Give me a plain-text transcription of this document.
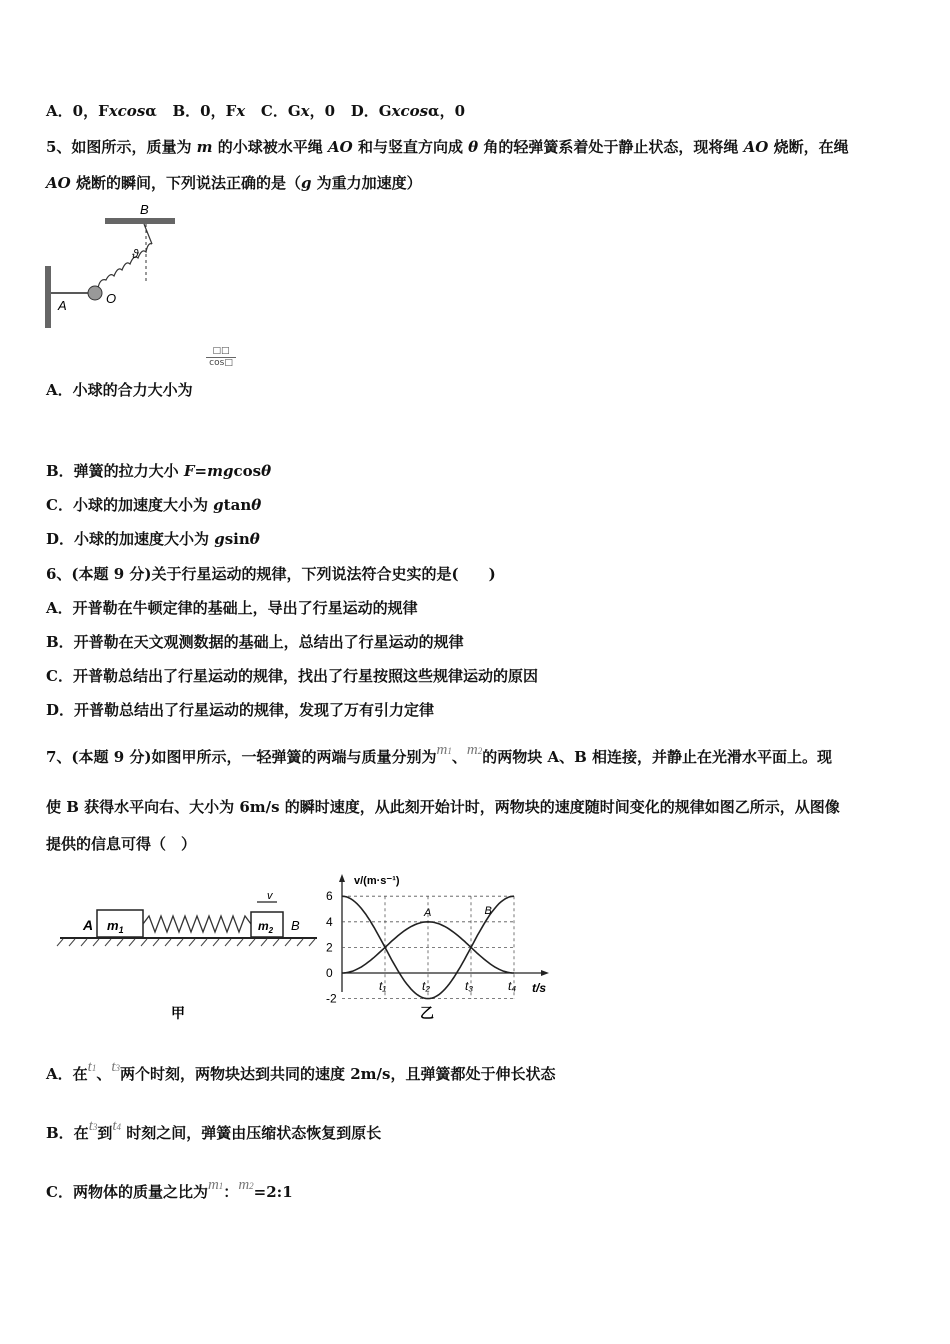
A．0，Fxcosα B．0，Fx C．Gx，0 D．Gxcosα，0
5、如图所示，质量为 m 的小球被水平绳 AO 和与竖直方向成 θ 角的轻弹簧系着处于静止状态，现将绳 AO 烧断，在绳
AO 烧断的瞬间，下列说法正确的是（g 为重力加速度）
B
A	O
ϑ
□□
cos□
A．小球的合力大小为
B．弹簧的拉力大小 F=mgcosθ
C．小球的加速度大小为 gtanθ
D．小球的加速度大小为 gsinθ
6、(本题 9 分)关于行星运动的规律，下列说法符合史实的是(　　)
A．开普勒在牛顿定律的基础上，导出了行星运动的规律
B．开普勒在天文观测数据的基础上，总结出了行星运动的规律
C．开普勒总结出了行星运动的规律，找出了行星按照这些规律运动的原因
D．开普勒总结出了行星运动的规律，发现了万有引力定律
7、(本题 9 分)如图甲所示，一轻弹簧的两端与质量分别为m1、m2的两物块 A、B 相连接，并静止在光滑水平面上。现
使 B 获得水平向右、大小为 6m/s 的瞬时速度，从此刻开始计时，两物块的速度随时间变化的规律如图乙所示，从图像
提供的信息可得（　）
A $m_1$	$m_2$ B
v
甲
v/(m·s⁻¹)
t/s
6
4
2
0
-2
t₁	t₂	t₃	t₄
A	B
乙
A．在t1、t3两个时刻，两物块达到共同的速度 2m/s，且弹簧都处于伸长状态
B．在t3到t4 时刻之间，弹簧由压缩状态恢复到原长
C．两物体的质量之比为m1：m2=2:1
